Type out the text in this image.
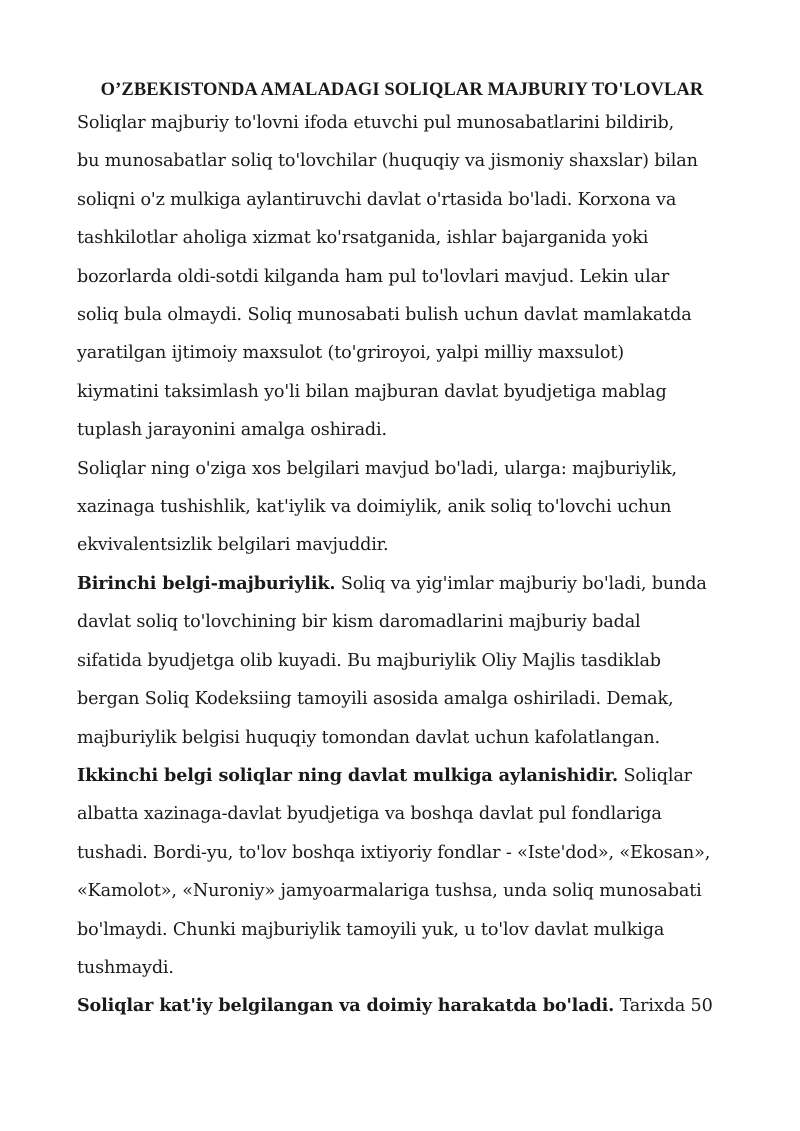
O’ZBEKISTONDA AMALADAGI SOLIQLAR MAJBURIY TO'LOVLAR
Soliqlar majburiy to'lovni ifoda etuvchi pul munosabatlarini bildirib,
bu munosabatlar soliq to'lovchilar (huquqiy va jismoniy shaxslar) bilan
soliqni o'z mulkiga aylantiruvchi davlat o'rtasida bo'ladi. Korxona va
tashkilotlar aholiga xizmat ko'rsatganida, ishlar bajarganida yoki
bozorlarda oldi-sotdi kilganda ham pul to'lovlari mavjud. Lekin ular
soliq bula olmaydi. Soliq munosabati bulish uchun davlat mamlakatda
yaratilgan ijtimoiy maxsulot (to'griroyoi, yalpi milliy maxsulot)
kiymatini taksimlash yo'li bilan majburan davlat byudjetiga mablag
tuplash jarayonini amalga oshiradi.
Soliqlar ning o'ziga xos belgilari mavjud bo'ladi, ularga: majburiylik,
xazinaga tushishlik, kat'iylik va doimiylik, anik soliq to'lovchi uchun
ekvivalentsizlik belgilari mavjuddir.
Birinchi belgi-majburiylik. Soliq va yig'imlar majburiy bo'ladi, bunda
davlat soliq to'lovchining bir kism daromadlarini majburiy badal
sifatida byudjetga olib kuyadi. Bu majburiylik Oliy Majlis tasdiklab
bergan Soliq Kodeksiing tamoyili asosida amalga oshiriladi. Demak,
majburiylik belgisi huquqiy tomondan davlat uchun kafolatlangan.
Ikkinchi belgi soliqlar ning davlat mulkiga aylanishidir. Soliqlar
albatta xazinaga-davlat byudjetiga va boshqa davlat pul fondlariga
tushadi. Bordi-yu, to'lov boshqa ixtiyoriy fondlar - «Iste'dod», «Ekosan»,
«Kamolot», «Nuroniy» jamyoarmalariga tushsa, unda soliq munosabati
bo'lmaydi. Chunki majburiylik tamoyili yuk, u to'lov davlat mulkiga
tushmaydi.
Soliqlar kat'iy belgilangan va doimiy harakatda bo'ladi. Tarixda 50
